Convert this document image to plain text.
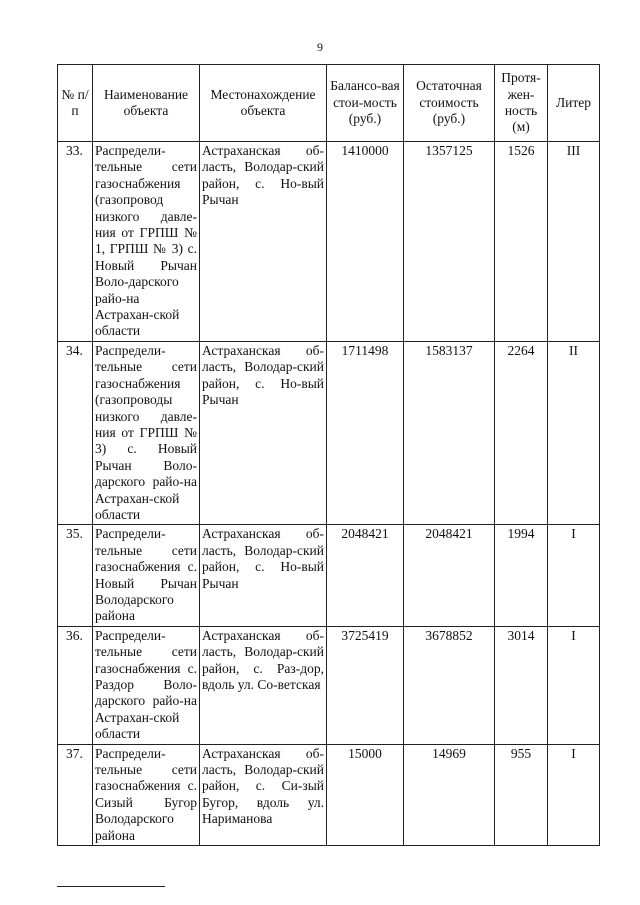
9
№ п/п	Наименование объекта	Местонахождение объекта	Балансо-вая стои-мость (руб.)	Остаточная стоимость (руб.)	Протя-жен-ность (м)	Литер
33.	Распредели-тельные сети газоснабжения (газопровод низкого давле-ния от ГРПШ № 1, ГРПШ № 3) с. Новый Рычан Воло-дарского райо-на Астрахан-ской области	Астраханская об-ласть, Володар-ский район, с. Но-вый Рычан	1410000	1357125	1526	III
34.	Распредели-тельные сети газоснабжения (газопроводы низкого давле-ния от ГРПШ № 3) с. Новый Рычан Воло-дарского райо-на Астрахан-ской области	Астраханская об-ласть, Володар-ский район, с. Но-вый Рычан	1711498	1583137	2264	II
35.	Распредели-тельные сети газоснабжения с. Новый Рычан Володарского района	Астраханская об-ласть, Володар-ский район, с. Но-вый Рычан	2048421	2048421	1994	I
36.	Распредели-тельные сети газоснабжения с. Раздор Воло-дарского райо-на Астрахан-ской области	Астраханская об-ласть, Володар-ский район, с. Раз-дор, вдоль ул. Со-ветская	3725419	3678852	3014	I
37.	Распредели-тельные сети газоснабжения с. Сизый Бугор Володарского района	Астраханская об-ласть, Володар-ский район, с. Си-зый Бугор, вдоль ул. Нариманова	15000	14969	955	I
